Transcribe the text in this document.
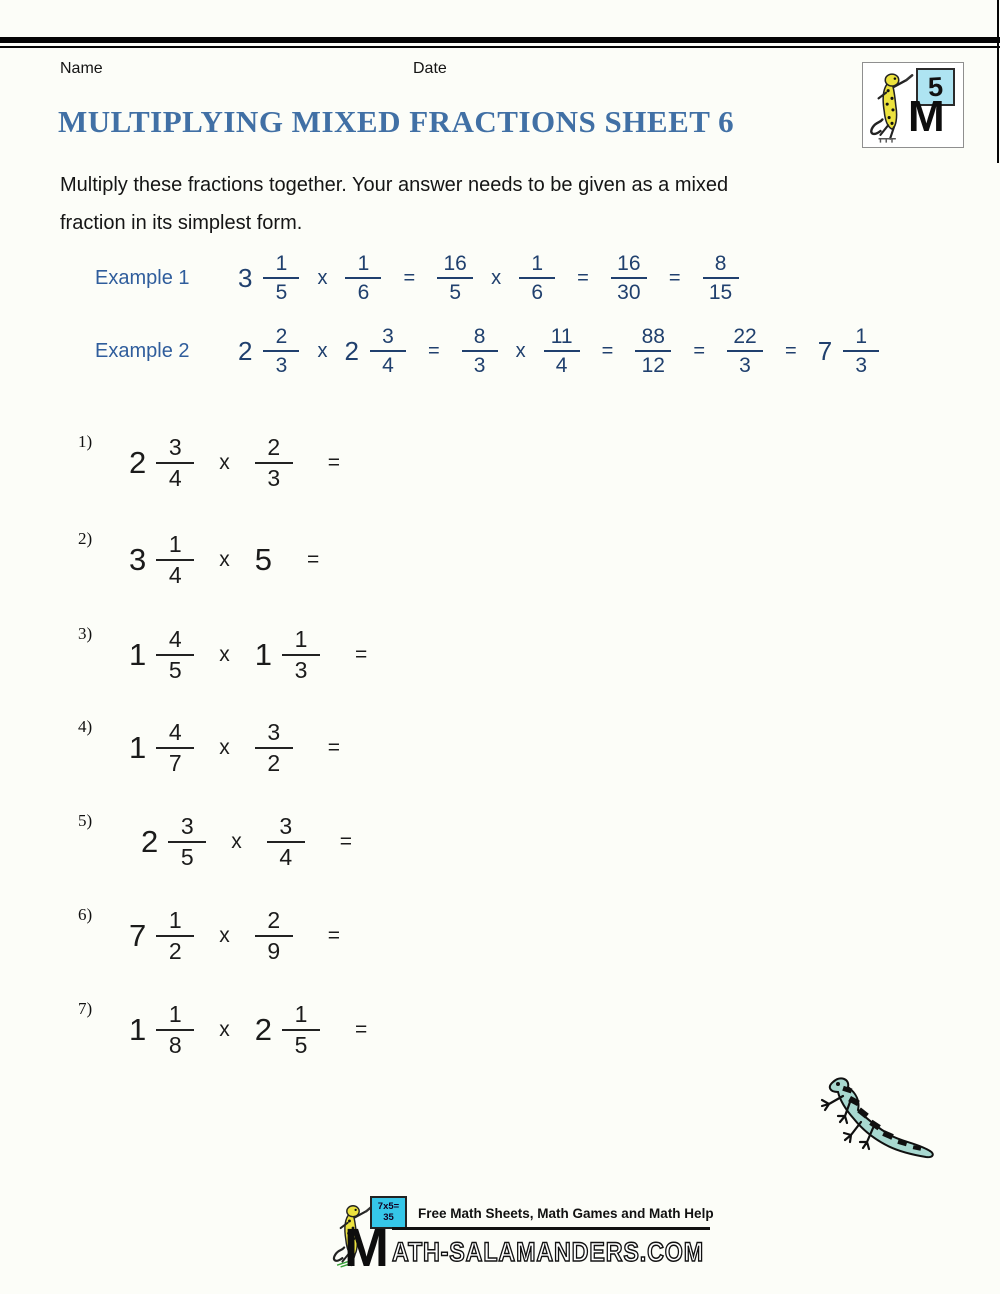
Name	Date
5
M
MULTIPLYING MIXED FRACTIONS SHEET 6
Multiply these fractions together. Your answer needs to be given as a mixed
fraction in its simplest form.
Example 1	$3 \frac{1}{5}$ x $\frac{1}{6} = \frac{16}{5}$ x $\frac{1}{6} = \frac{16}{30} = \frac{8}{15}$
Example 2	$2 \frac{2}{3}$ x $2 \frac{3}{4} = \frac{8}{3}$ x $\frac{11}{4} = \frac{88}{12} = \frac{22}{3} = 7 \frac{1}{3}$
1)
$2 \frac{3}{4}$ x $\frac{2}{3}$ =
2)
$3 \frac{1}{4}$ x 5 =
3)
$1 \frac{4}{5}$ x $1 \frac{1}{3}$ =
4)
$1 \frac{4}{7}$ x $\frac{3}{2}$ =
5)
$2 \frac{3}{5}$ x $\frac{3}{4}$ =
6)
$7 \frac{1}{2}$ x $\frac{2}{9}$ =
7)
$1 \frac{1}{8}$ x $2 \frac{1}{5}$ =
7x5=
35 Free Math Sheets, Math Games and Math Help
M ATH-SALAMANDERS.COM
